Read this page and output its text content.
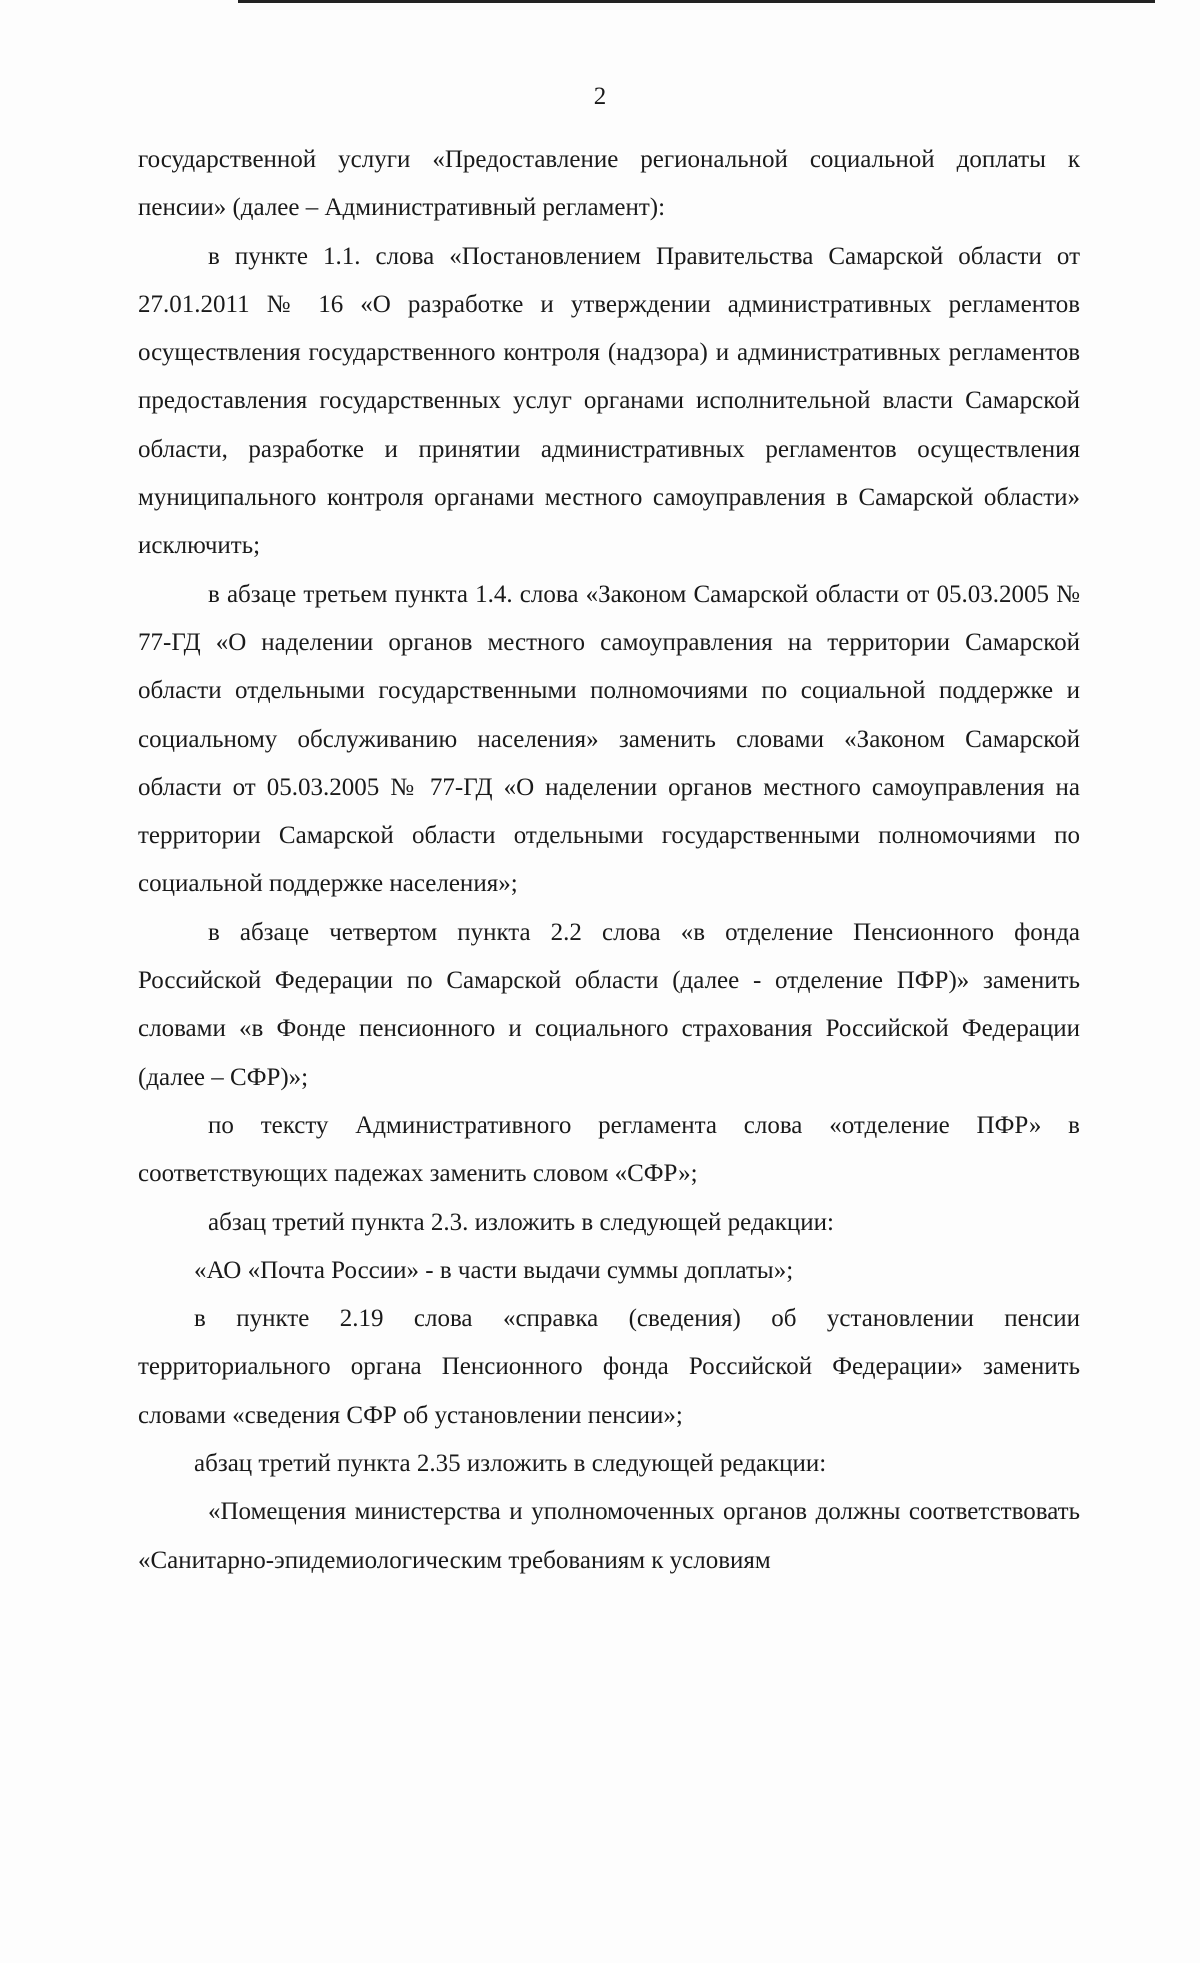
2

государственной услуги «Предоставление региональной социальной доплаты к пенсии» (далее – Административный регламент):

в пункте 1.1. слова «Постановлением Правительства Самарской области от 27.01.2011 № 16 «О разработке и утверждении административных регламентов осуществления государственного контроля (надзора) и административных регламентов предоставления государственных услуг органами исполнительной власти Самарской области, разработке и принятии административных регламентов осуществления муниципального контроля органами местного самоуправления в Самарской области» исключить;

в абзаце третьем пункта 1.4. слова «Законом Самарской области от 05.03.2005 № 77-ГД «О наделении органов местного самоуправления на территории Самарской области отдельными государственными полномочиями по социальной поддержке и социальному обслуживанию населения» заменить словами «Законом Самарской области от 05.03.2005 № 77-ГД «О наделении органов местного самоуправления на территории Самарской области отдельными государственными полномочиями по социальной поддержке населения»;

в абзаце четвертом пункта 2.2 слова «в отделение Пенсионного фонда Российской Федерации по Самарской области (далее - отделение ПФР)» заменить словами «в Фонде пенсионного и социального страхования Российской Федерации (далее – СФР)»;

по тексту Административного регламента слова «отделение ПФР» в соответствующих падежах заменить словом «СФР»;

абзац третий пункта 2.3. изложить в следующей редакции:

«АО «Почта России» - в части выдачи суммы доплаты»;

в пункте 2.19 слова «справка (сведения) об установлении пенсии территориального органа Пенсионного фонда Российской Федерации» заменить словами «сведения СФР об установлении пенсии»;

абзац третий пункта 2.35 изложить в следующей редакции:

«Помещения министерства и уполномоченных органов должны соответствовать «Санитарно-эпидемиологическим требованиям к условиям
